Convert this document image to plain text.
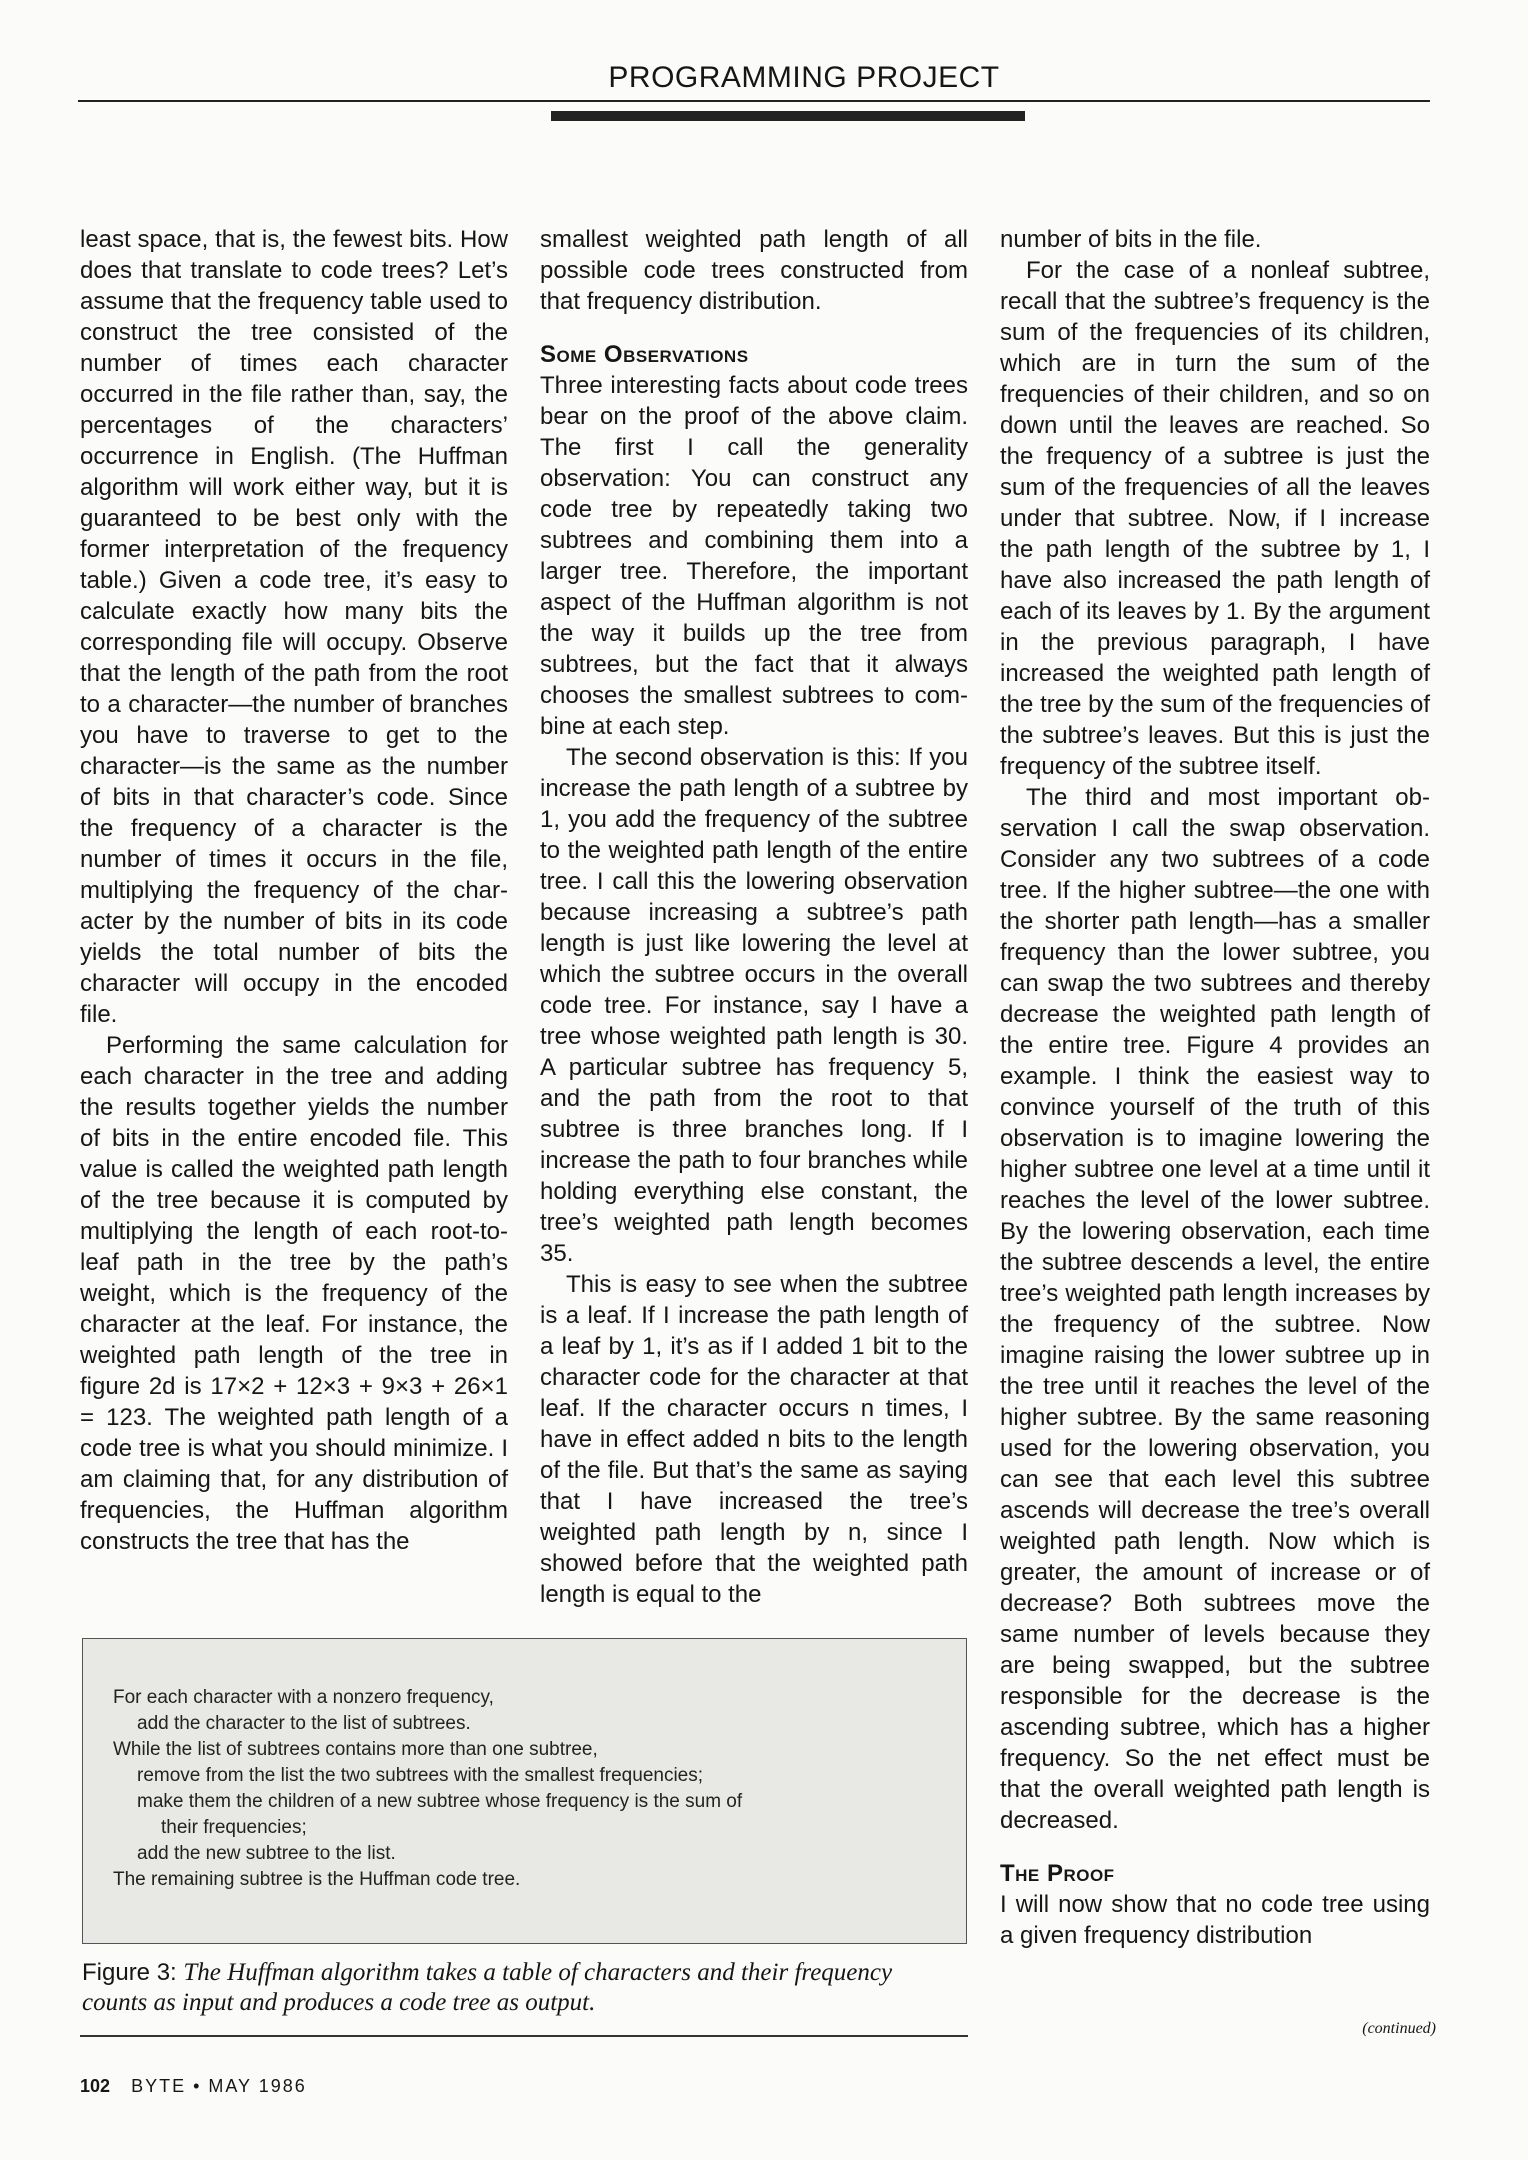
PROGRAMMING PROJECT

least space, that is, the fewest bits. How does that translate to code trees? Let’s assume that the frequency table used to construct the tree consisted of the number of times each character occurred in the file rather than, say, the percentages of the characters’ occurrence in English. (The Huffman algorithm will work either way, but it is guaranteed to be best only with the former interpretation of the frequency table.) Given a code tree, it’s easy to calculate exactly how many bits the corresponding file will occupy. Observe that the length of the path from the root to a character—the number of branches you have to traverse to get to the character—is the same as the number of bits in that character’s code. Since the frequency of a character is the number of times it occurs in the file, multiplying the frequency of the character by the number of bits in its code yields the total number of bits the character will occupy in the encoded file.

Performing the same calculation for each character in the tree and adding the results together yields the number of bits in the entire encoded file. This value is called the weighted path length of the tree because it is computed by multiplying the length of each root-to-leaf path in the tree by the path’s weight, which is the frequency of the character at the leaf. For instance, the weighted path length of the tree in figure 2d is 17×2 + 12×3 + 9×3 + 26×1 = 123. The weighted path length of a code tree is what you should minimize. I am claiming that, for any distribution of frequencies, the Huffman algorithm constructs the tree that has the

smallest weighted path length of all possible code trees constructed from that frequency distribution.

Some Observations

Three interesting facts about code trees bear on the proof of the above claim. The first I call the generality observation: You can construct any code tree by repeatedly taking two subtrees and combining them into a larger tree. Therefore, the important aspect of the Huffman algorithm is not the way it builds up the tree from subtrees, but the fact that it always chooses the smallest subtrees to combine at each step.

The second observation is this: If you increase the path length of a subtree by 1, you add the frequency of the subtree to the weighted path length of the entire tree. I call this the lowering observation because increasing a subtree’s path length is just like lowering the level at which the subtree occurs in the overall code tree. For instance, say I have a tree whose weighted path length is 30. A particular subtree has frequency 5, and the path from the root to that subtree is three branches long. If I increase the path to four branches while holding everything else constant, the tree’s weighted path length becomes 35.

This is easy to see when the subtree is a leaf. If I increase the path length of a leaf by 1, it’s as if I added 1 bit to the character code for the character at that leaf. If the character occurs n times, I have in effect added n bits to the length of the file. But that’s the same as saying that I have increased the tree’s weighted path length by n, since I showed before that the weighted path length is equal to the

number of bits in the file.

For the case of a nonleaf subtree, recall that the subtree’s frequency is the sum of the frequencies of its children, which are in turn the sum of the frequencies of their children, and so on down until the leaves are reached. So the frequency of a subtree is just the sum of the frequencies of all the leaves under that subtree. Now, if I increase the path length of the subtree by 1, I have also increased the path length of each of its leaves by 1. By the argument in the previous paragraph, I have increased the weighted path length of the tree by the sum of the frequencies of the subtree’s leaves. But this is just the frequency of the subtree itself.

The third and most important observation I call the swap observation. Consider any two subtrees of a code tree. If the higher subtree—the one with the shorter path length—has a smaller frequency than the lower subtree, you can swap the two subtrees and thereby decrease the weighted path length of the entire tree. Figure 4 provides an example. I think the easiest way to convince yourself of the truth of this observation is to imagine lowering the higher subtree one level at a time until it reaches the level of the lower subtree. By the lowering observation, each time the subtree descends a level, the entire tree’s weighted path length increases by the frequency of the subtree. Now imagine raising the lower subtree up in the tree until it reaches the level of the higher subtree. By the same reasoning used for the lowering observation, you can see that each level this subtree ascends will decrease the tree’s overall weighted path length. Now which is greater, the amount of increase or of decrease? Both subtrees move the same number of levels because they are being swapped, but the subtree responsible for the decrease is the ascending subtree, which has a higher frequency. So the net effect must be that the overall weighted path length is decreased.

The Proof

I will now show that no code tree using a given frequency distribution

For each character with a nonzero frequency,
add the character to the list of subtrees.
While the list of subtrees contains more than one subtree,
remove from the list the two subtrees with the smallest frequencies;
make them the children of a new subtree whose frequency is the sum of
their frequencies;
add the new subtree to the list.
The remaining subtree is the Huffman code tree.
Figure 3: The Huffman algorithm takes a table of characters and their frequency counts as input and produces a code tree as output.
(continued)
102 BYTE • MAY 1986
